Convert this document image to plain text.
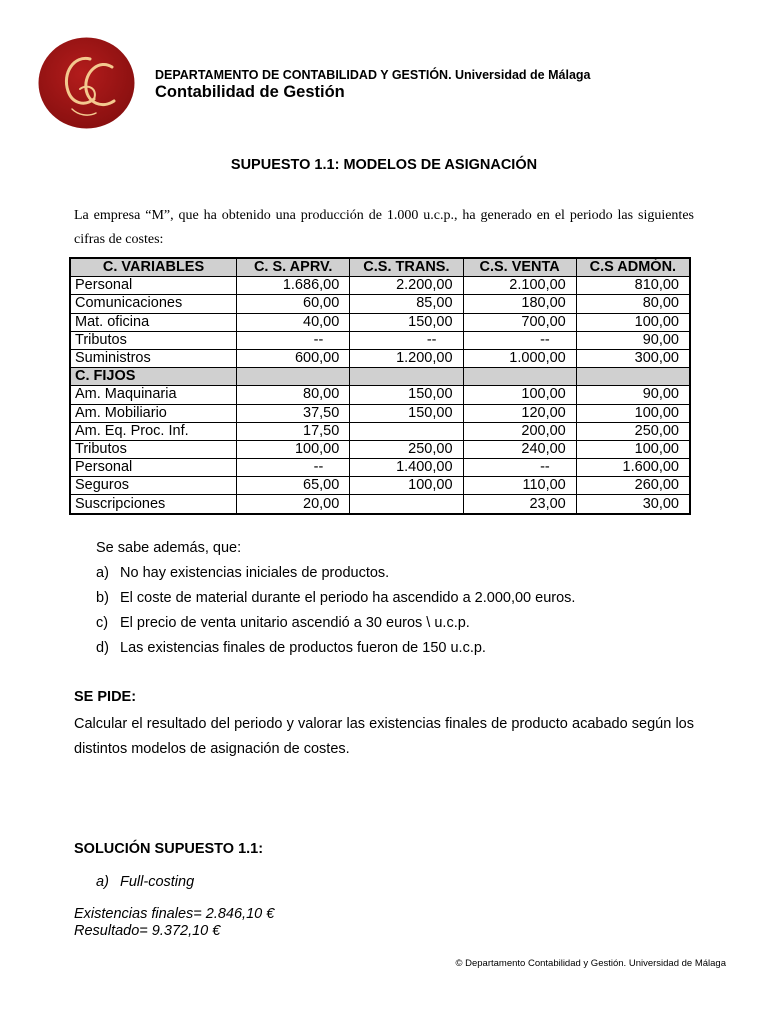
DEPARTAMENTO DE CONTABILIDAD Y GESTIÓN. Universidad de Málaga
Contabilidad de Gestión
SUPUESTO 1.1: MODELOS DE ASIGNACIÓN
La empresa “M”, que ha obtenido una producción de 1.000 u.c.p., ha generado en el periodo las siguientes cifras de costes:
C. VARIABLES	C. S. APRV.	C.S. TRANS.	C.S. VENTA	C.S ADMÓN.
Personal	1.686,00	2.200,00	2.100,00	810,00
Comunicaciones	60,00	85,00	180,00	80,00
Mat. oficina	40,00	150,00	700,00	100,00
Tributos	--	--	--	90,00
Suministros	600,00	1.200,00	1.000,00	300,00
C. FIJOS				
Am. Maquinaria	80,00	150,00	100,00	90,00
Am. Mobiliario	37,50	150,00	120,00	100,00
Am. Eq. Proc. Inf.	17,50		200,00	250,00
Tributos	100,00	250,00	240,00	100,00
Personal	--	1.400,00	--	1.600,00
Seguros	65,00	100,00	110,00	260,00
Suscripciones	20,00		23,00	30,00
Se sabe además, que:
a) No hay existencias iniciales de productos.
b) El coste de material durante el periodo ha ascendido a 2.000,00 euros.
c) El precio de venta unitario ascendió a 30 euros \ u.c.p.
d) Las existencias finales de productos fueron de 150 u.c.p.
SE PIDE:
Calcular el resultado del periodo y valorar las existencias finales de producto acabado según los distintos modelos de asignación de costes.
SOLUCIÓN SUPUESTO 1.1:
a) Full-costing
Existencias finales= 2.846,10 €
Resultado= 9.372,10 €
© Departamento Contabilidad y Gestión. Universidad de Málaga
